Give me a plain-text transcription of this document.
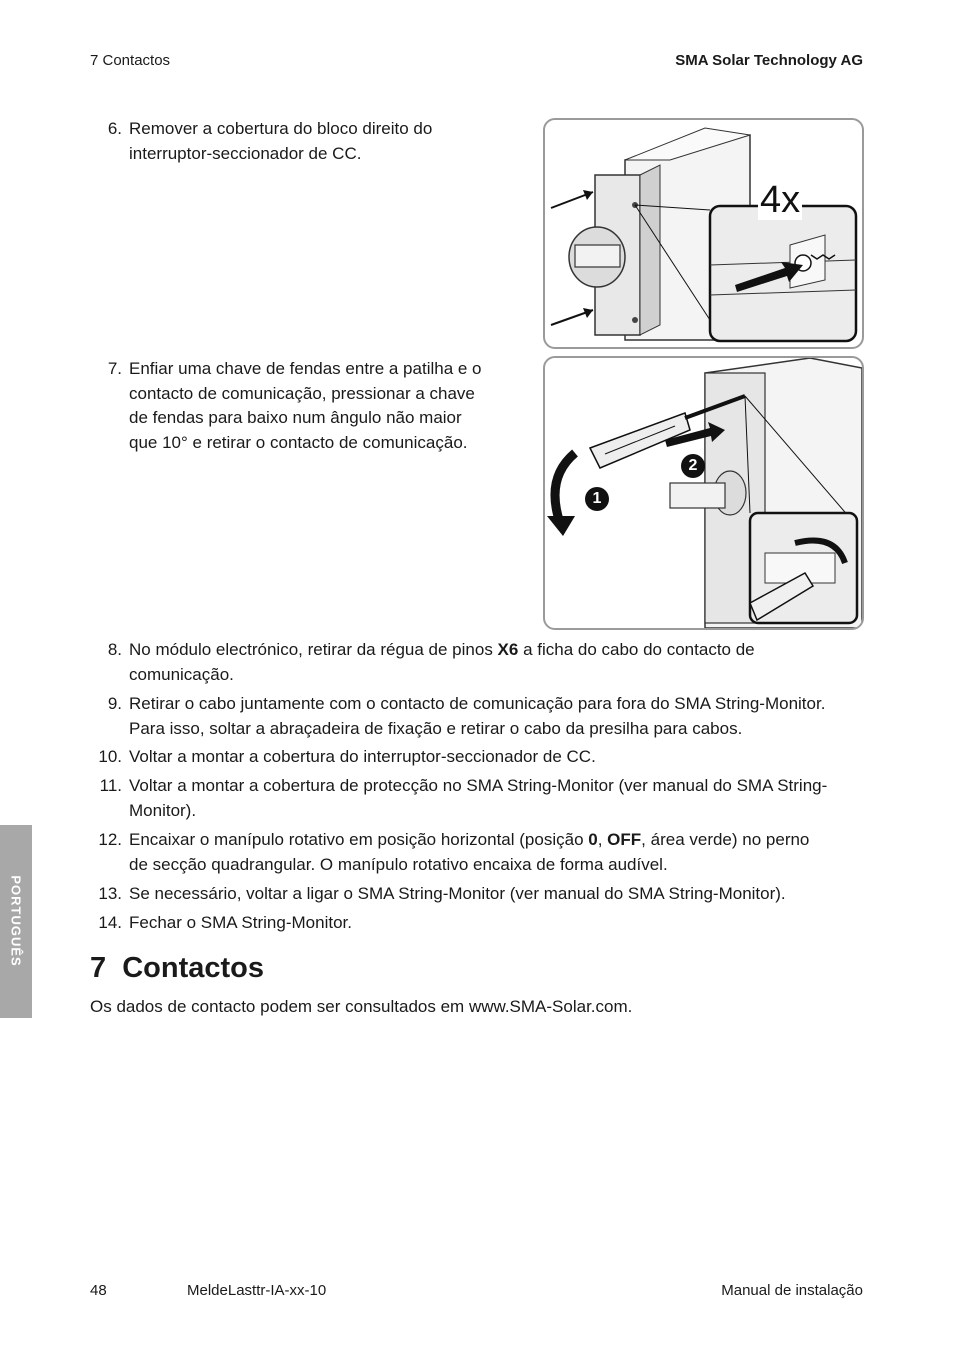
7 Contactos	SMA Solar Technology AG
6. Remover a cobertura do bloco direito do
interruptor-seccionador de CC.
4x
7. Enfiar uma chave de fendas entre a patilha e o
contacto de comunicação, pressionar a chave
de fendas para baixo num ângulo não maior
que 10° e retirar o contacto de comunicação.
1
2
8. No módulo electrónico, retirar da régua de pinos X6 a ficha do cabo do contacto de
comunicação.
9. Retirar o cabo juntamente com o contacto de comunicação para fora do SMA String-Monitor.
Para isso, soltar a abraçadeira de fixação e retirar o cabo da presilha para cabos.
10. Voltar a montar a cobertura do interruptor-seccionador de CC.
11. Voltar a montar a cobertura de protecção no SMA String-Monitor (ver manual do SMA String-
Monitor).
12. Encaixar o manípulo rotativo em posição horizontal (posição 0, OFF, área verde) no perno
de secção quadrangular. O manípulo rotativo encaixa de forma audível.
13. Se necessário, voltar a ligar o SMA String-Monitor (ver manual do SMA String-Monitor).
14. Fechar o SMA String-Monitor.
7  Contactos
Os dados de contacto podem ser consultados em www.SMA-Solar.com.
PORTUGUÊS
48	MeldeLasttr-IA-xx-10	Manual de instalação
